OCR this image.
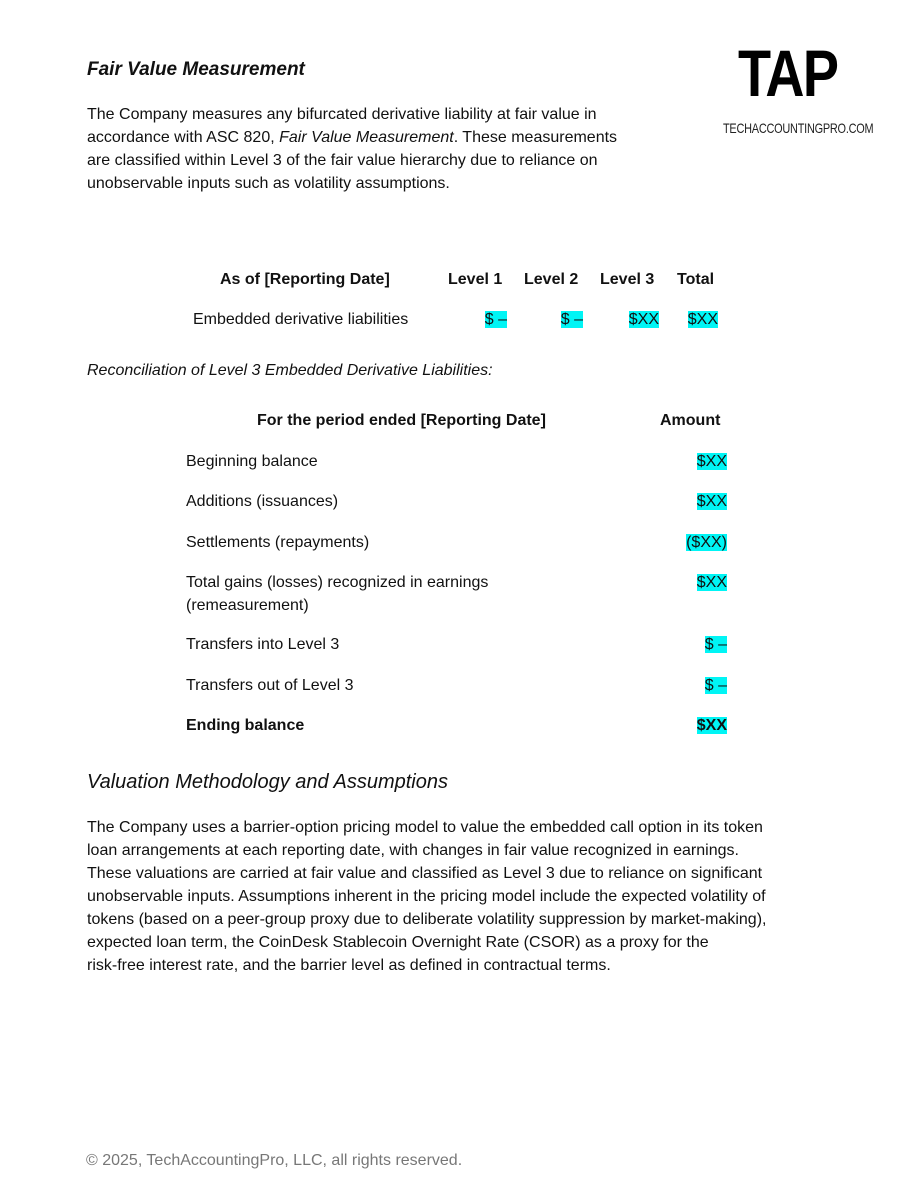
TAP
TECHACCOUNTINGPRO.COM
Fair Value Measurement
The Company measures any bifurcated derivative liability at fair value in
accordance with ASC 820, Fair Value Measurement. These measurements
are classified within Level 3 of the fair value hierarchy due to reliance on
unobservable inputs such as volatility assumptions.
As of [Reporting Date]	Level 1 Level 2 Level 3 Total
Embedded derivative liabilities	$ –	$ –	$XX $XX
Reconciliation of Level 3 Embedded Derivative Liabilities:
For the period ended [Reporting Date]	Amount
Beginning balance	$XX
Additions (issuances)	$XX
Settlements (repayments)	($XX)
Total gains (losses) recognized in earnings
(remeasurement)
$XX
Transfers into Level 3	$ –
Transfers out of Level 3	$ –
Ending balance	$XX
Valuation Methodology and Assumptions
The Company uses a barrier-option pricing model to value the embedded call option in its token
loan arrangements at each reporting date, with changes in fair value recognized in earnings.
These valuations are carried at fair value and classified as Level 3 due to reliance on significant
unobservable inputs. Assumptions inherent in the pricing model include the expected volatility of
tokens (based on a peer-group proxy due to deliberate volatility suppression by market-making),
expected loan term, the CoinDesk Stablecoin Overnight Rate (CSOR) as a proxy for the
risk-free interest rate, and the barrier level as defined in contractual terms.
© 2025, TechAccountingPro, LLC, all rights reserved.
